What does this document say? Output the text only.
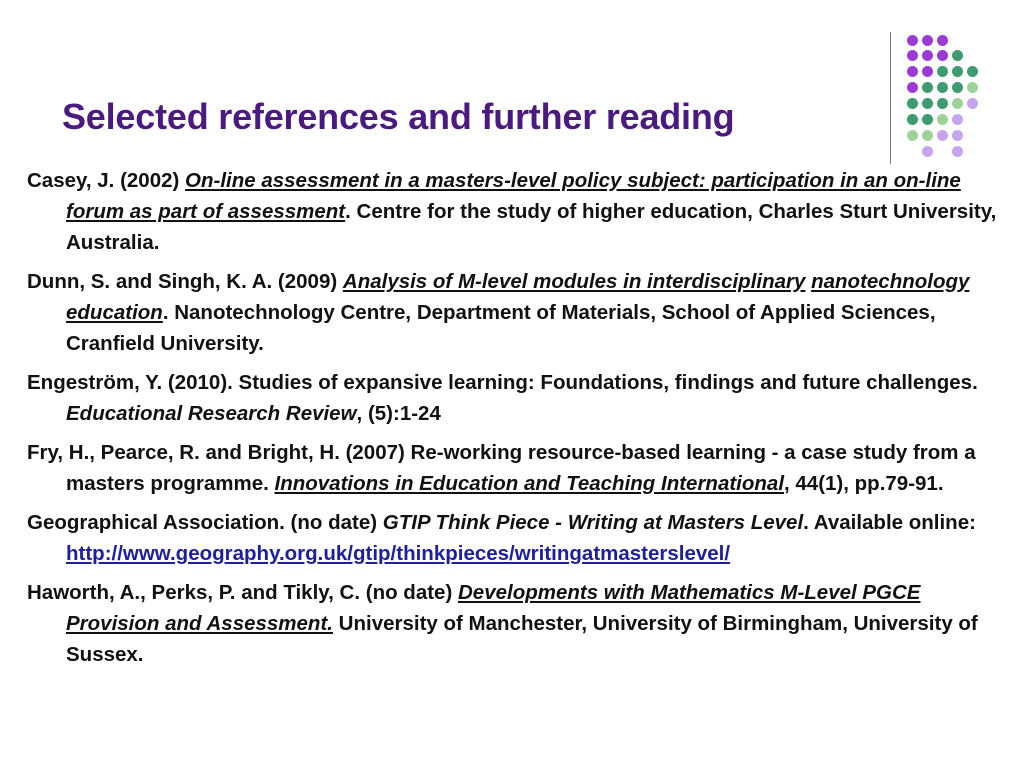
Selected references and further reading

Casey, J. (2002) On-line assessment in a masters-level policy subject: participation in an on-line forum as part of assessment. Centre for the study of higher education, Charles Sturt University, Australia.

Dunn, S. and Singh, K. A. (2009) Analysis of M-level modules in interdisciplinary nanotechnology education. Nanotechnology Centre, Department of Materials, School of Applied Sciences, Cranfield University.

Engeström, Y. (2010). Studies of expansive learning: Foundations, findings and future challenges. Educational Research Review, (5):1-24

Fry, H., Pearce, R. and Bright, H. (2007) Re-working resource-based learning - a case study from a masters programme. Innovations in Education and Teaching International, 44(1), pp.79-91.

Geographical Association. (no date) GTIP Think Piece - Writing at Masters Level. Available online: http://www.geography.org.uk/gtip/thinkpieces/writingatmasterslevel/

Haworth, A., Perks, P. and Tikly, C. (no date) Developments with Mathematics M-Level PGCE Provision and Assessment. University of Manchester, University of Birmingham, University of Sussex.
